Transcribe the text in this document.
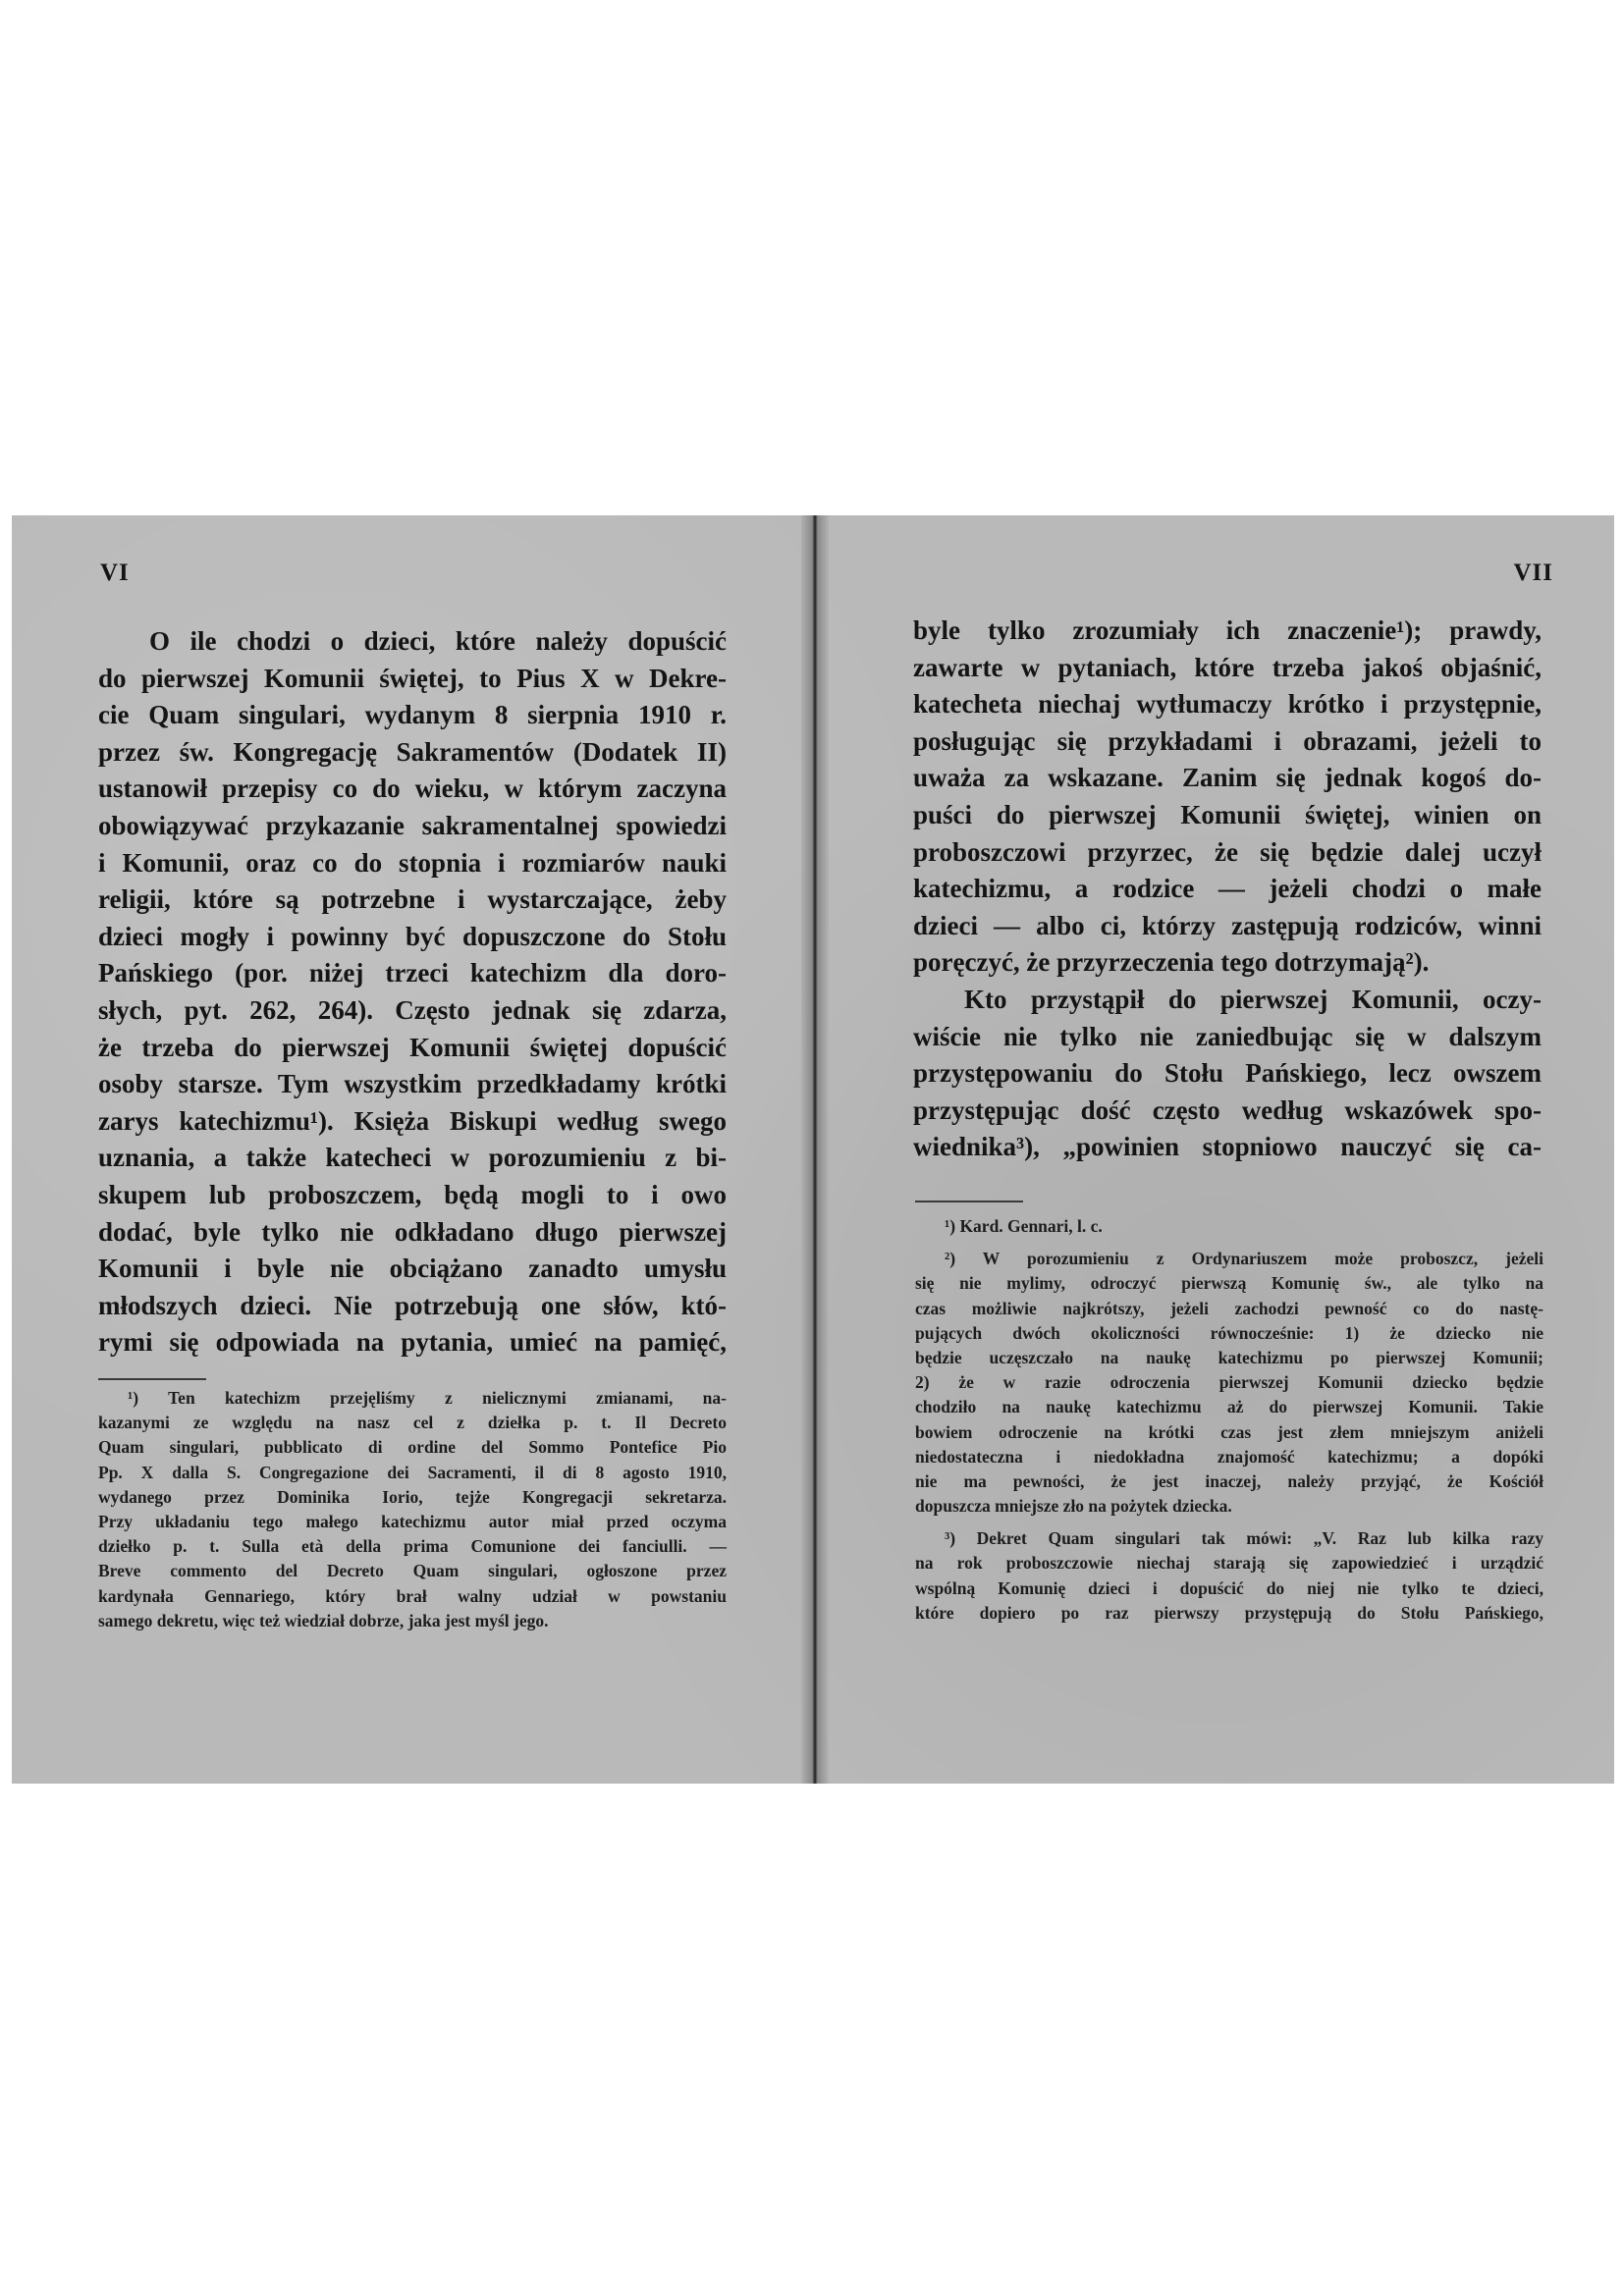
VI
O ile chodzi o dzieci, które należy dopuścić
do pierwszej Komunii świętej, to Pius X w Dekre-
cie Quam singulari, wydanym 8 sierpnia 1910 r.
przez św. Kongregację Sakramentów (Dodatek II)
ustanowił przepisy co do wieku, w którym zaczyna
obowiązywać przykazanie sakramentalnej spowiedzi
i Komunii, oraz co do stopnia i rozmiarów nauki
religii, które są potrzebne i wystarczające, żeby
dzieci mogły i powinny być dopuszczone do Stołu
Pańskiego (por. niżej trzeci katechizm dla doro-
słych, pyt. 262, 264). Często jednak się zdarza,
że trzeba do pierwszej Komunii świętej dopuścić
osoby starsze. Tym wszystkim przedkładamy krótki
zarys katechizmu¹). Księża Biskupi według swego
uznania, a także katecheci w porozumieniu z bi-
skupem lub proboszczem, będą mogli to i owo
dodać, byle tylko nie odkładano długo pierwszej
Komunii i byle nie obciążano zanadto umysłu
młodszych dzieci. Nie potrzebują one słów, któ-
rymi się odpowiada na pytania, umieć na pamięć,
¹) Ten katechizm przejęliśmy z nielicznymi zmianami, na-
kazanymi ze względu na nasz cel z dziełka p. t. Il Decreto
Quam singulari, pubblicato di ordine del Sommo Pontefice Pio
Pp. X dalla S. Congregazione dei Sacramenti, il di 8 agosto 1910,
wydanego przez Dominika Iorio, tejże Kongregacji sekretarza.
Przy układaniu tego małego katechizmu autor miał przed oczyma
dziełko p. t. Sulla età della prima Comunione dei fanciulli. —
Breve commento del Decreto Quam singulari, ogłoszone przez
kardynała Gennariego, który brał walny udział w powstaniu
samego dekretu, więc też wiedział dobrze, jaka jest myśl jego.
VII
byle tylko zrozumiały ich znaczenie¹); prawdy,
zawarte w pytaniach, które trzeba jakoś objaśnić,
katecheta niechaj wytłumaczy krótko i przystępnie,
posługując się przykładami i obrazami, jeżeli to
uważa za wskazane. Zanim się jednak kogoś do-
puści do pierwszej Komunii świętej, winien on
proboszczowi przyrzec, że się będzie dalej uczył
katechizmu, a rodzice — jeżeli chodzi o małe
dzieci — albo ci, którzy zastępują rodziców, winni
poręczyć, że przyrzeczenia tego dotrzymają²).
Kto przystąpił do pierwszej Komunii, oczy-
wiście nie tylko nie zaniedbując się w dalszym
przystępowaniu do Stołu Pańskiego, lecz owszem
przystępując dość często według wskazówek spo-
wiednika³), „powinien stopniowo nauczyć się ca-
¹) Kard. Gennari, l. c.
²) W porozumieniu z Ordynariuszem może proboszcz, jeżeli
się nie mylimy, odroczyć pierwszą Komunię św., ale tylko na
czas możliwie najkrótszy, jeżeli zachodzi pewność co do nastę-
pujących dwóch okoliczności równocześnie: 1) że dziecko nie
będzie uczęszczało na naukę katechizmu po pierwszej Komunii;
2) że w razie odroczenia pierwszej Komunii dziecko będzie
chodziło na naukę katechizmu aż do pierwszej Komunii. Takie
bowiem odroczenie na krótki czas jest złem mniejszym aniżeli
niedostateczna i niedokładna znajomość katechizmu; a dopóki
nie ma pewności, że jest inaczej, należy przyjąć, że Kościół
dopuszcza mniejsze zło na pożytek dziecka.
³) Dekret Quam singulari tak mówi: „V. Raz lub kilka razy
na rok proboszczowie niechaj starają się zapowiedzieć i urządzić
wspólną Komunię dzieci i dopuścić do niej nie tylko te dzieci,
które dopiero po raz pierwszy przystępują do Stołu Pańskiego,
